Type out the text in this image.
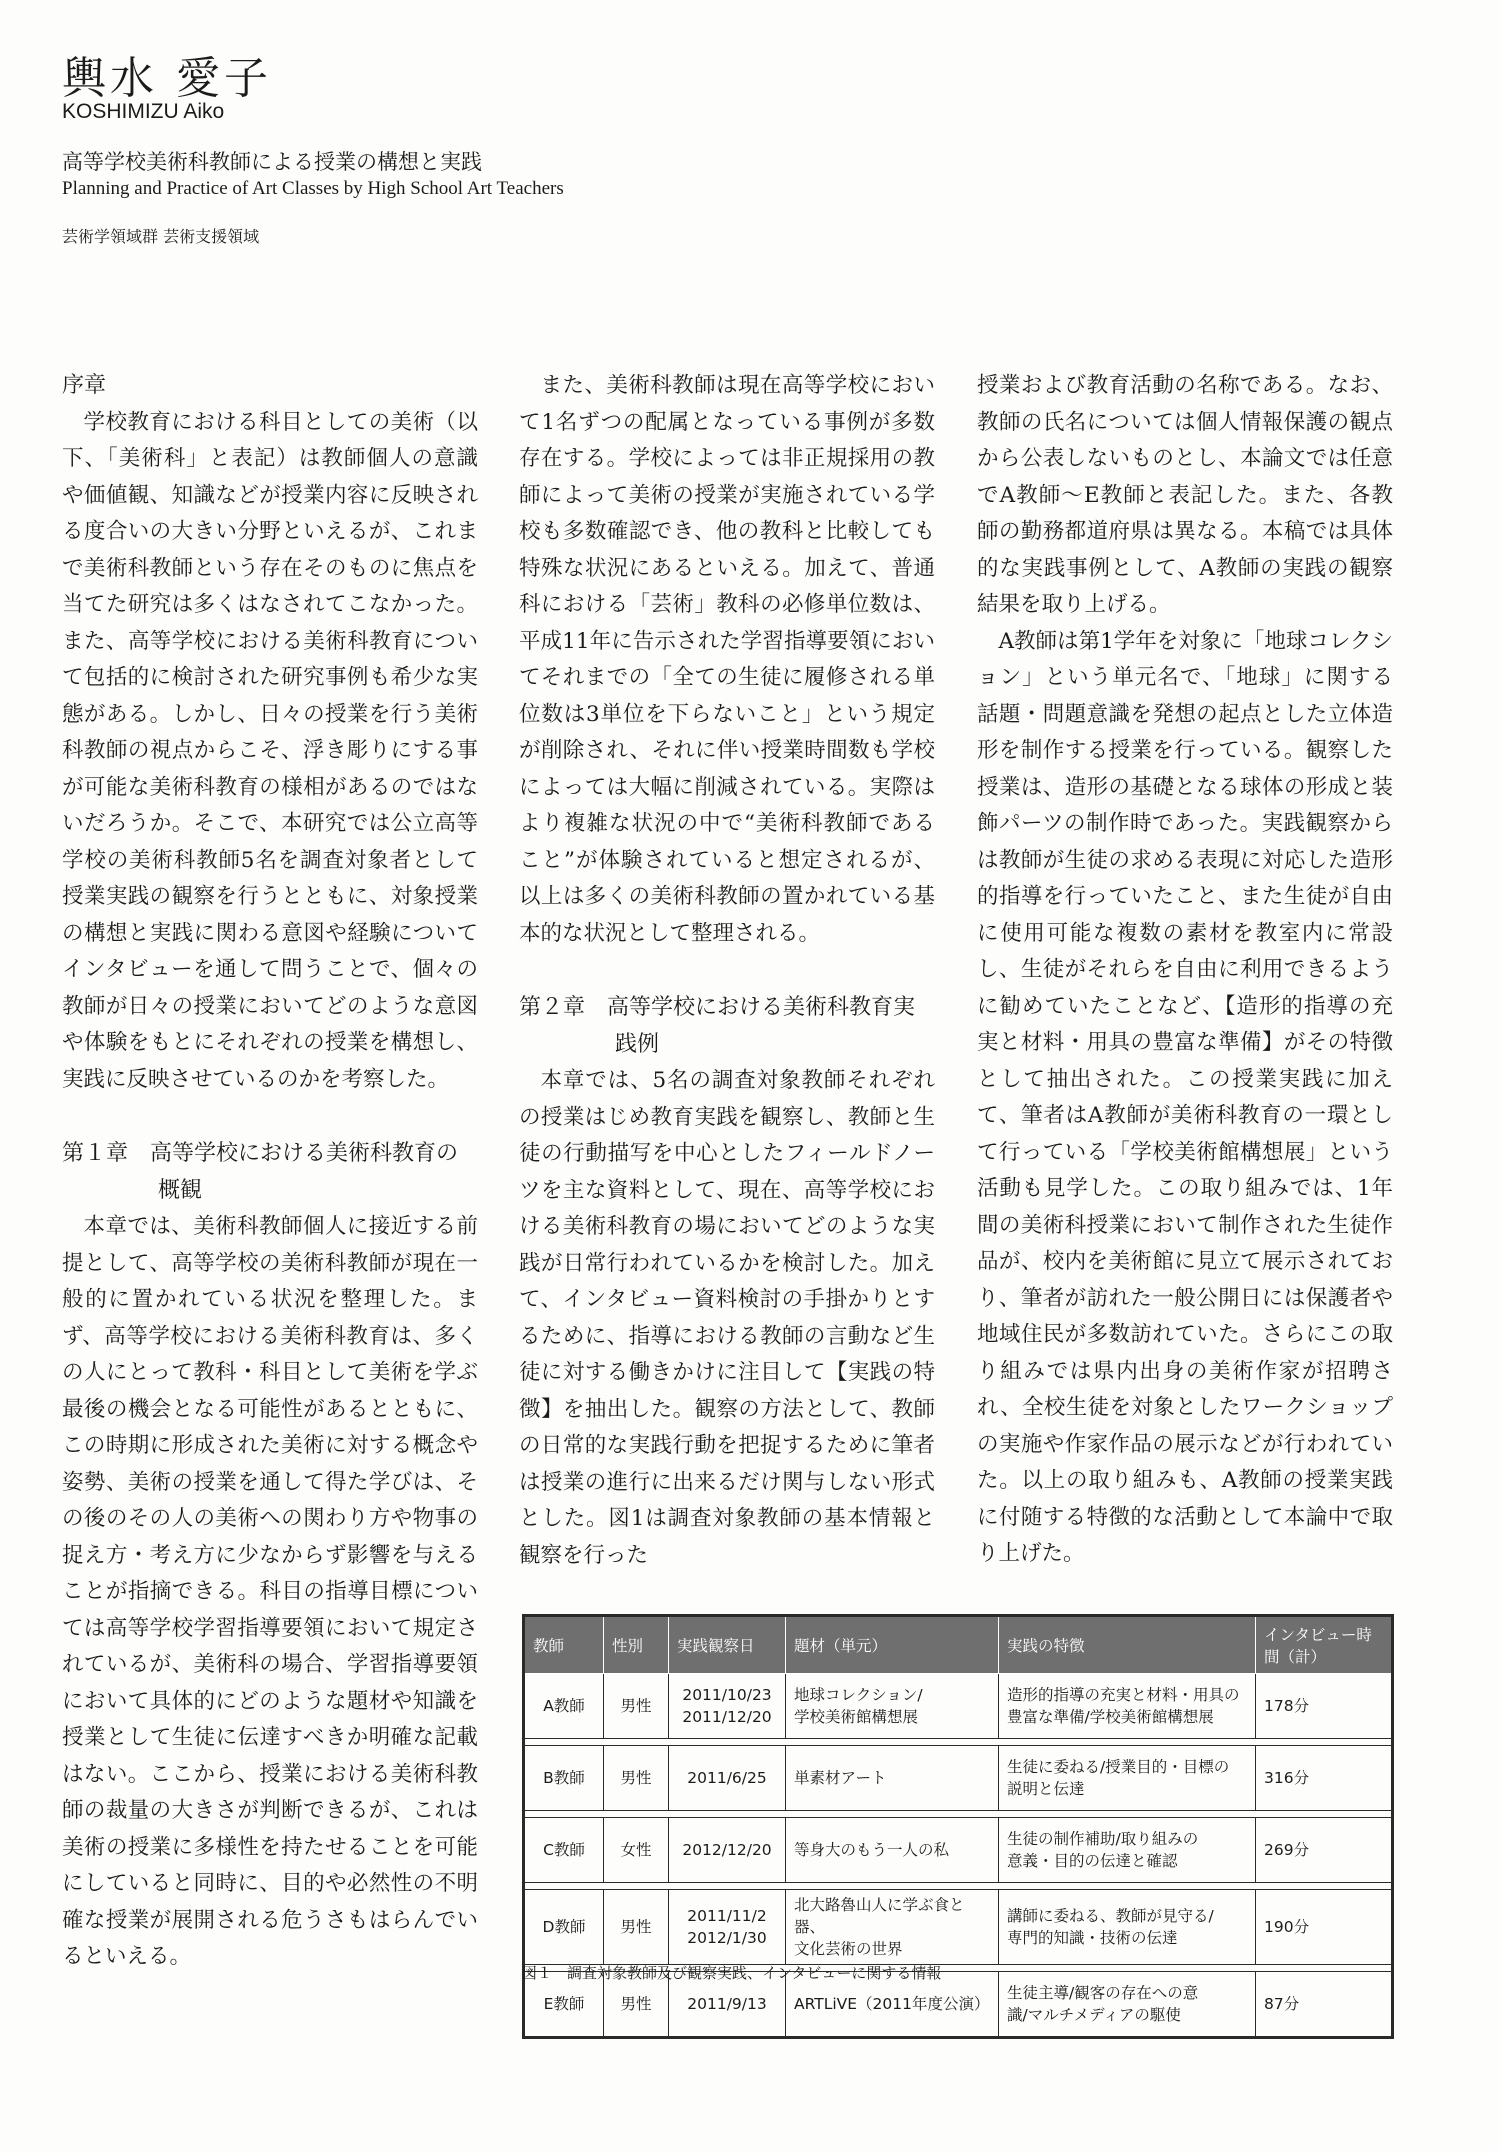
輿水 愛子
KOSHIMIZU Aiko
高等学校美術科教師による授業の構想と実践
Planning and Practice of Art Classes by High School Art Teachers
芸術学領域群 芸術支援領域
序章

学校教育における科目としての美術（以下、「美術科」と表記）は教師個人の意識や価値観、知識などが授業内容に反映される度合いの大きい分野といえるが、これまで美術科教師という存在そのものに焦点を当てた研究は多くはなされてこなかった。また、高等学校における美術科教育について包括的に検討された研究事例も希少な実態がある。しかし、日々の授業を行う美術科教師の視点からこそ、浮き彫りにする事が可能な美術科教育の様相があるのではないだろうか。そこで、本研究では公立高等学校の美術科教師5名を調査対象者として授業実践の観察を行うとともに、対象授業の構想と実践に関わる意図や経験についてインタビューを通して問うことで、個々の教師が日々の授業においてどのような意図や体験をもとにそれぞれの授業を構想し、実践に反映させているのかを考察した。

第１章　 高等学校における美術科教育の
概観

本章では、美術科教師個人に接近する前提として、高等学校の美術科教師が現在一般的に置かれている状況を整理した。まず、高等学校における美術科教育は、多くの人にとって教科・科目として美術を学ぶ最後の機会となる可能性があるとともに、この時期に形成された美術に対する概念や姿勢、美術の授業を通して得た学びは、その後のその人の美術への関わり方や物事の捉え方・考え方に少なからず影響を与えることが指摘できる。科目の指導目標については高等学校学習指導要領において規定されているが、美術科の場合、学習指導要領において具体的にどのような題材や知識を授業として生徒に伝達すべきか明確な記載はない。ここから、授業における美術科教師の裁量の大きさが判断できるが、これは美術の授業に多様性を持たせることを可能にしていると同時に、目的や必然性の不明確な授業が展開される危うさもはらんでいるといえる。

また、美術科教師は現在高等学校において1名ずつの配属となっている事例が多数存在する。学校によっては非正規採用の教師によって美術の授業が実施されている学校も多数確認でき、他の教科と比較しても特殊な状況にあるといえる。加えて、普通科における「芸術」教科の必修単位数は、平成11年に告示された学習指導要領においてそれまでの「全ての生徒に履修される単位数は3単位を下らないこと」という規定が削除され、それに伴い授業時間数も学校によっては大幅に削減されている。実際はより複雑な状況の中で“美術科教師であること”が体験されていると想定されるが、以上は多くの美術科教師の置かれている基本的な状況として整理される。

第２章　 高等学校における美術科教育実
践例

本章では、5名の調査対象教師それぞれの授業はじめ教育実践を観察し、教師と生徒の行動描写を中心としたフィールドノーツを主な資料として、現在、高等学校における美術科教育の場においてどのような実践が日常行われているかを検討した。加えて、インタビュー資料検討の手掛かりとするために、指導における教師の言動など生徒に対する働きかけに注目して【実践の特徴】を抽出した。観察の方法として、教師の日常的な実践行動を把捉するために筆者は授業の進行に出来るだけ関与しない形式とした。図1は調査対象教師の基本情報と観察を行った

授業および教育活動の名称である。なお、教師の氏名については個人情報保護の観点から公表しないものとし、本論文では任意でA教師～E教師と表記した。また、各教師の勤務都道府県は異なる。本稿では具体的な実践事例として、A教師の実践の観察結果を取り上げる。

A教師は第1学年を対象に「地球コレクション」という単元名で、「地球」に関する話題・問題意識を発想の起点とした立体造形を制作する授業を行っている。観察した授業は、造形の基礎となる球体の形成と装飾パーツの制作時であった。実践観察からは教師が生徒の求める表現に対応した造形的指導を行っていたこと、また生徒が自由に使用可能な複数の素材を教室内に常設し、生徒がそれらを自由に利用できるように勧めていたことなど、【造形的指導の充実と材料・用具の豊富な準備】がその特徴として抽出された。この授業実践に加えて、筆者はA教師が美術科教育の一環として行っている「学校美術館構想展」という活動も見学した。この取り組みでは、1年間の美術科授業において制作された生徒作品が、校内を美術館に見立て展示されており、筆者が訪れた一般公開日には保護者や地域住民が多数訪れていた。さらにこの取り組みでは県内出身の美術作家が招聘され、全校生徒を対象としたワークショップの実施や作家作品の展示などが行われていた。以上の取り組みも、A教師の授業実践に付随する特徴的な活動として本論中で取り上げた。

教師	性別	実践観察日	題材（単元）	実践の特徴	インタビュー時間（計）
A教師	男性	2011/10/23
2011/12/20	地球コレクション/
学校美術館構想展	造形的指導の充実と材料・用具の
豊富な準備/学校美術館構想展	178分

B教師	男性	2011/6/25	単素材アート	生徒に委ねる/授業目的・目標の
説明と伝達	316分

C教師	女性	2012/12/20	等身大のもう一人の私	生徒の制作補助/取り組みの
意義・目的の伝達と確認	269分

D教師	男性	2011/11/2
2012/1/30	北大路魯山人に学ぶ食と器、
文化芸術の世界	講師に委ねる、教師が見守る/
専門的知識・技術の伝達	190分

E教師	男性	2011/9/13	ARTLiVE（2011年度公演）	生徒主導/観客の存在への意
識/マルチメディアの駆使	87分
図１　調査対象教師及び観察実践、インタビューに関する情報
